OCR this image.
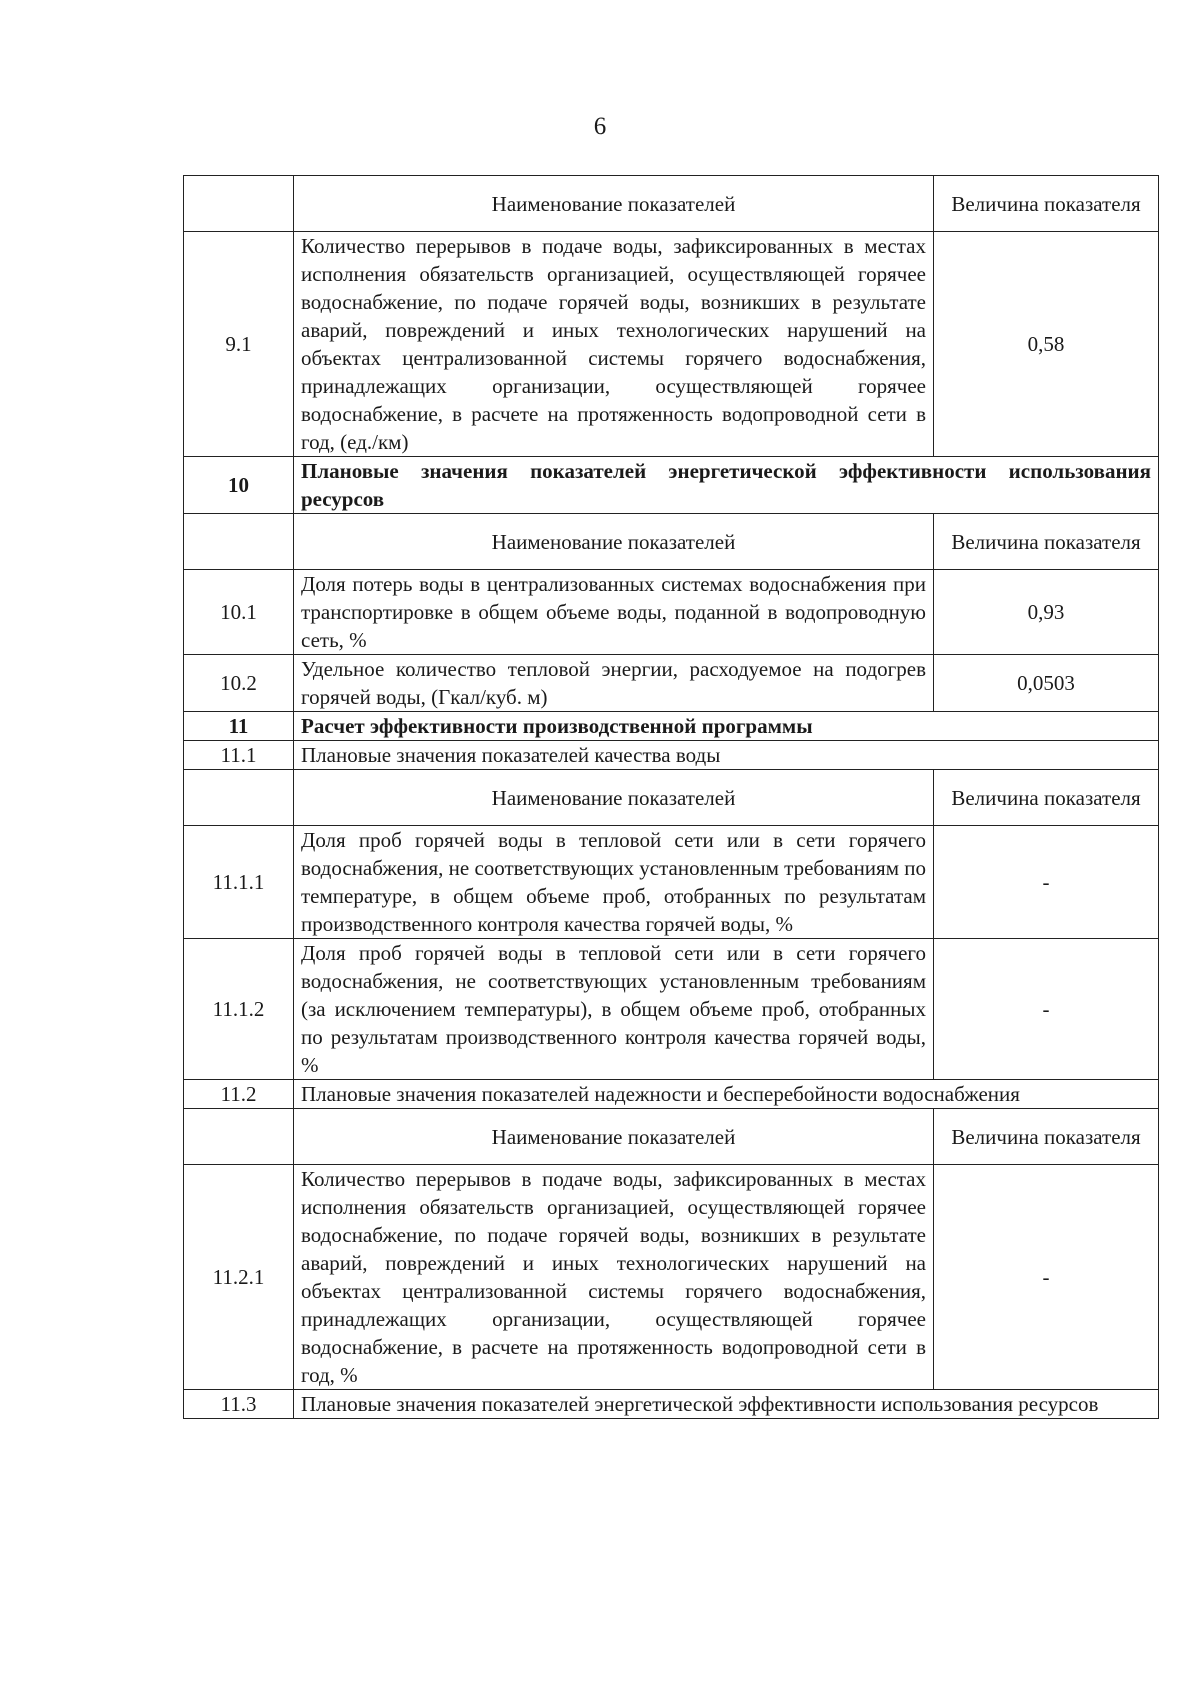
6
	Наименование показателей	Величина показателя
9.1	Количество перерывов в подаче воды, зафиксированных в местах исполнения обязательств организацией, осуществляющей горячее водоснабжение, по подаче горячей воды, возникших в результате аварий, повреждений и иных технологических нарушений на объектах централизованной системы горячего водоснабжения, принадлежащих организации, осуществляющей горячее водоснабжение, в расчете на протяженность водопроводной сети в год, (ед./км)	0,58
10	Плановые значения показателей энергетической эффективности использования ресурсов	
	Наименование показателей	Величина показателя
10.1	Доля потерь воды в централизованных системах водоснабжения при транспортировке в общем объеме воды, поданной в водопроводную сеть, %	0,93
10.2	Удельное количество тепловой энергии, расходуемое на подогрев горячей воды, (Гкал/куб. м)	0,0503
11	Расчет эффективности производственной программы	
11.1	Плановые значения показателей качества воды	
	Наименование показателей	Величина показателя
11.1.1	Доля проб горячей воды в тепловой сети или в сети горячего водоснабжения, не соответствующих установленным требованиям по температуре, в общем объеме проб, отобранных по результатам производственного контроля качества горячей воды, %	-
11.1.2	Доля проб горячей воды в тепловой сети или в сети горячего водоснабжения, не соответствующих установленным требованиям (за исключением температуры), в общем объеме проб, отобранных по результатам производственного контроля качества горячей воды, %	-
11.2	Плановые значения показателей надежности и бесперебойности водоснабжения	
	Наименование показателей	Величина показателя
11.2.1	Количество перерывов в подаче воды, зафиксированных в местах исполнения обязательств организацией, осуществляющей горячее водоснабжение, по подаче горячей воды, возникших в результате аварий, повреждений и иных технологических нарушений на объектах централизованной системы горячего водоснабжения, принадлежащих организации, осуществляющей горячее водоснабжение, в расчете на протяженность водопроводной сети в год, %	-
11.3	Плановые значения показателей энергетической эффективности использования ресурсов	
